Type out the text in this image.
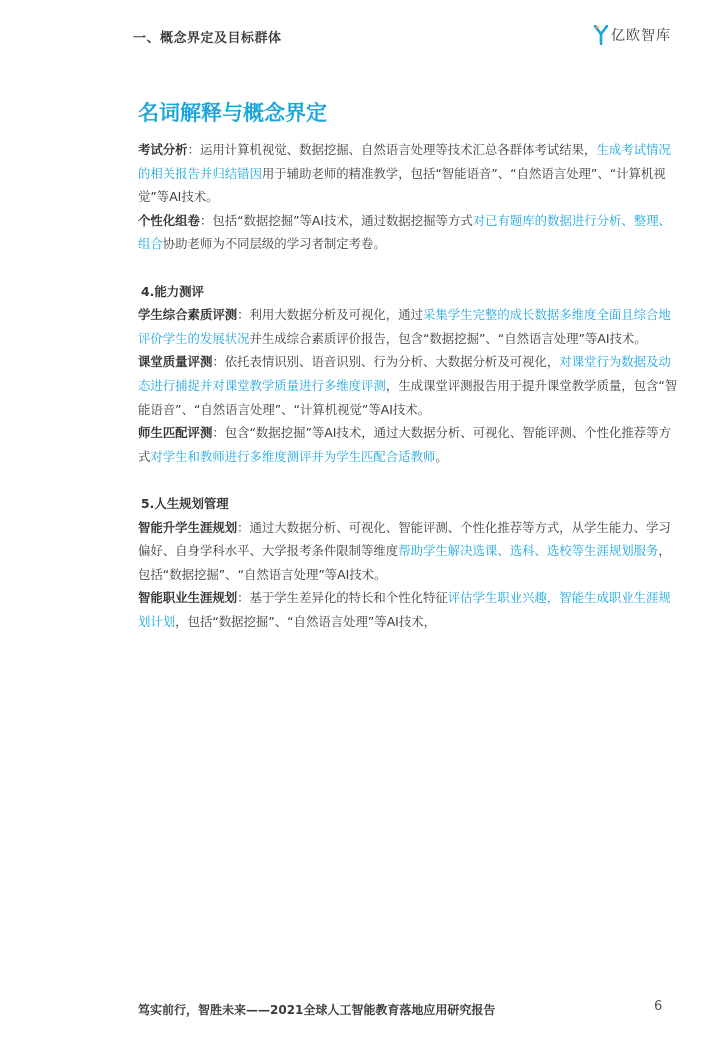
一、概念界定及目标群体	亿欧智库
名词解释与概念界定

考试分析：运用计算机视觉、数据挖掘、自然语言处理等技术汇总各群体考试结果，生成考试情况的相关报告并归结错因用于辅助老师的精准教学，包括“智能语音”、“自然语言处理”、“计算机视觉”等AI技术。

个性化组卷：包括“数据挖掘”等AI技术，通过数据挖掘等方式对已有题库的数据进行分析、整理、组合协助老师为不同层级的学习者制定考卷。

4.能力测评

学生综合素质评测：利用大数据分析及可视化，通过采集学生完整的成长数据多维度全面且综合地评价学生的发展状况并生成综合素质评价报告，包含“数据挖掘”、“自然语言处理”等AI技术。

课堂质量评测：依托表情识别、语音识别、行为分析、大数据分析及可视化，对课堂行为数据及动态进行捕捉并对课堂教学质量进行多维度评测，生成课堂评测报告用于提升课堂教学质量，包含“智能语音”、“自然语言处理”、“计算机视觉”等AI技术。

师生匹配评测：包含“数据挖掘”等AI技术，通过大数据分析、可视化、智能评测、个性化推荐等方式对学生和教师进行多维度测评并为学生匹配合适教师。

5.人生规划管理

智能升学生涯规划：通过大数据分析、可视化、智能评测、个性化推荐等方式，从学生能力、学习偏好、自身学科水平、大学报考条件限制等维度帮助学生解决选课、选科、选校等生涯规划服务，包括“数据挖掘”、“自然语言处理”等AI技术。

智能职业生涯规划：基于学生差异化的特长和个性化特征评估学生职业兴趣，智能生成职业生涯规划计划，包括“数据挖掘”、“自然语言处理”等AI技术，

笃实前行，智胜未来——2021全球人工智能教育落地应用研究报告	6
